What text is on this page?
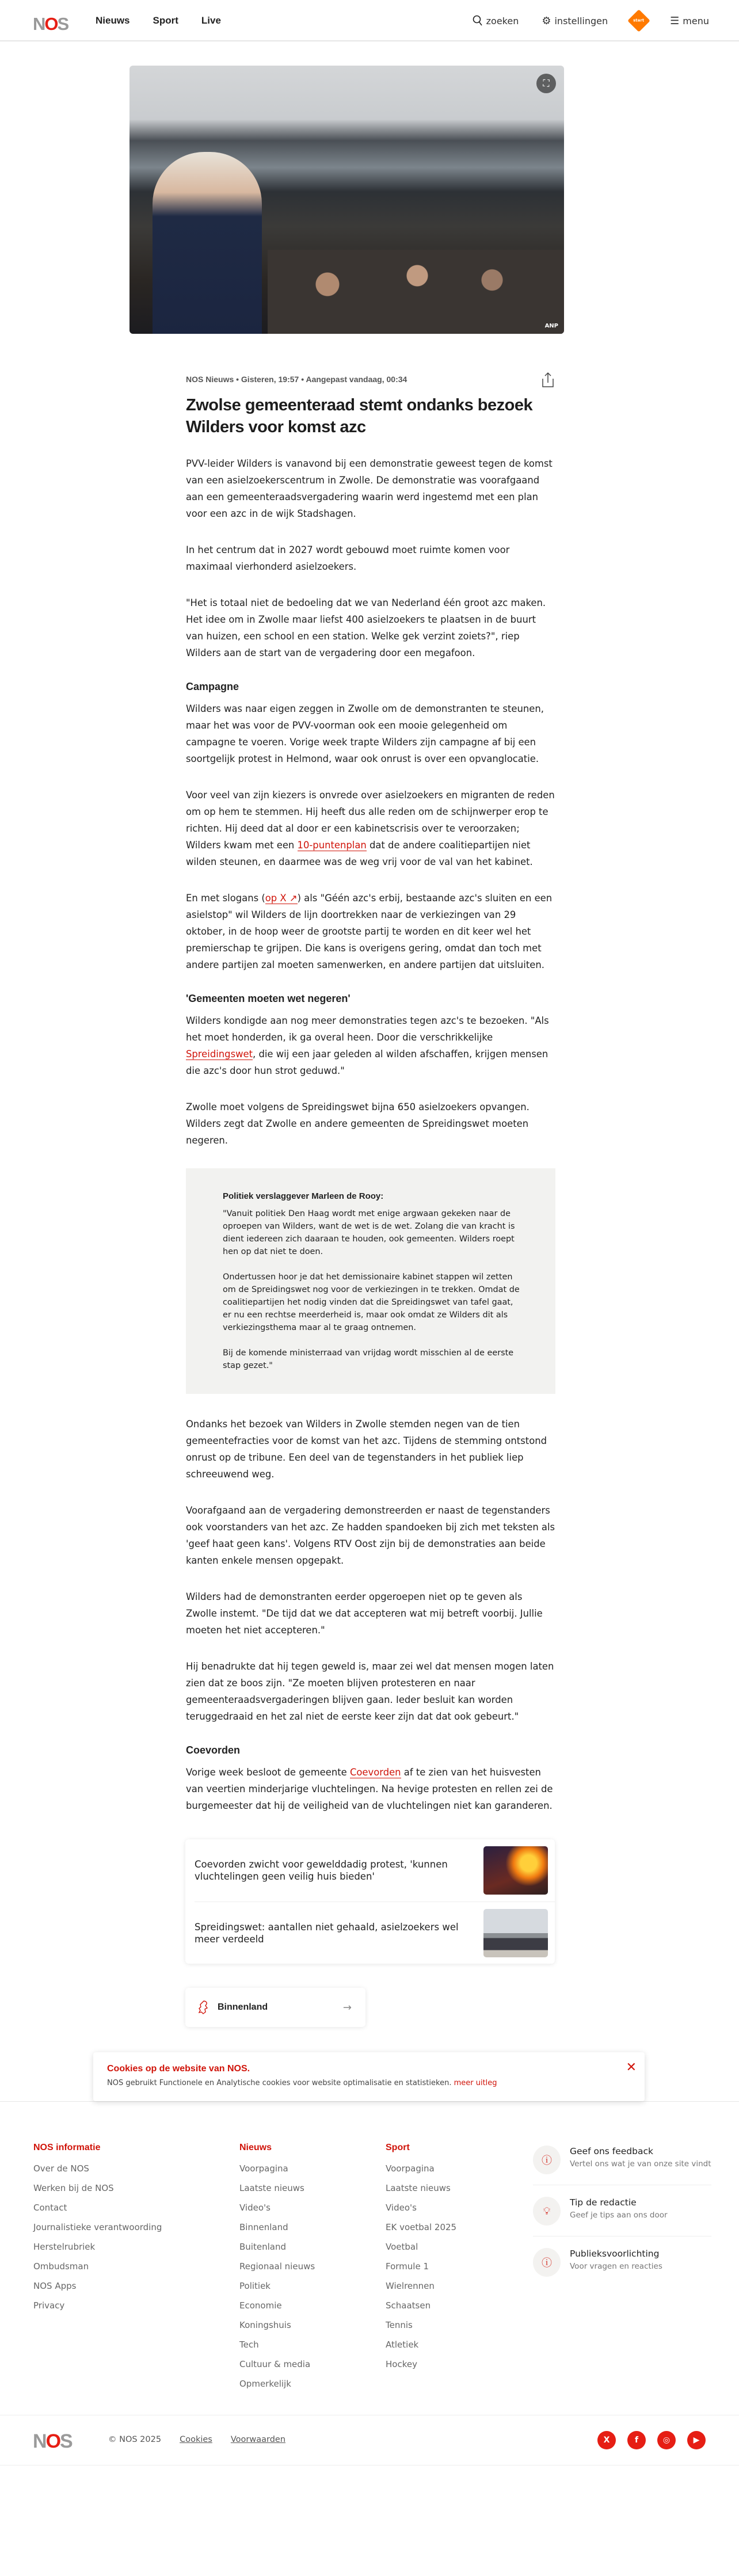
NOS	Nieuws Sport Live	zoeken ⚙ instellingen	start ☰ menu
⛶
ANP
NOS Nieuws • Gisteren, 19:57 • Aangepast vandaag, 00:34
Zwolse gemeenteraad stemt ondanks bezoek Wilders voor komst azc

PVV-leider Wilders is vanavond bij een demonstratie geweest tegen de komst van een asielzoekerscentrum in Zwolle. De demonstratie was voorafgaand aan een gemeenteraadsvergadering waarin werd ingestemd met een plan voor een azc in de wijk Stadshagen.

In het centrum dat in 2027 wordt gebouwd moet ruimte komen voor maximaal vierhonderd asielzoekers.

"Het is totaal niet de bedoeling dat we van Nederland één groot azc maken. Het idee om in Zwolle maar liefst 400 asielzoekers te plaatsen in de buurt van huizen, een school en een station. Welke gek verzint zoiets?", riep Wilders aan de start van de vergadering door een megafoon.

Campagne

Wilders was naar eigen zeggen in Zwolle om de demonstranten te steunen, maar het was voor de PVV-voorman ook een mooie gelegenheid om campagne te voeren. Vorige week trapte Wilders zijn campagne af bij een soortgelijk protest in Helmond, waar ook onrust is over een opvanglocatie.

Voor veel van zijn kiezers is onvrede over asielzoekers en migranten de reden om op hem te stemmen. Hij heeft dus alle reden om de schijnwerper erop te richten. Hij deed dat al door er een kabinetscrisis over te veroorzaken; Wilders kwam met een 10-puntenplan dat de andere coalitiepartijen niet wilden steunen, en daarmee was de weg vrij voor de val van het kabinet.

En met slogans (op X ↗) als "Géén azc's erbij, bestaande azc's sluiten en een asielstop" wil Wilders de lijn doortrekken naar de verkiezingen van 29 oktober, in de hoop weer de grootste partij te worden en dit keer wel het premierschap te grijpen. Die kans is overigens gering, omdat dan toch met andere partijen zal moeten samenwerken, en andere partijen dat uitsluiten.

'Gemeenten moeten wet negeren'

Wilders kondigde aan nog meer demonstraties tegen azc's te bezoeken. "Als het moet honderden, ik ga overal heen. Door die verschrikkelijke Spreidingswet, die wij een jaar geleden al wilden afschaffen, krijgen mensen die azc's door hun strot geduwd."

Zwolle moet volgens de Spreidingswet bijna 650 asielzoekers opvangen. Wilders zegt dat Zwolle en andere gemeenten de Spreidingswet moeten negeren.

Politiek verslaggever Marleen de Rooy:

"Vanuit politiek Den Haag wordt met enige argwaan gekeken naar de oproepen van Wilders, want de wet is de wet. Zolang die van kracht is dient iedereen zich daaraan te houden, ook gemeenten. Wilders roept hen op dat niet te doen.

Ondertussen hoor je dat het demissionaire kabinet stappen wil zetten om de Spreidingswet nog voor de verkiezingen in te trekken. Omdat de coalitiepartijen het nodig vinden dat die Spreidingswet van tafel gaat, er nu een rechtse meerderheid is, maar ook omdat ze Wilders dit als verkiezingsthema maar al te graag ontnemen.

Bij de komende ministerraad van vrijdag wordt misschien al de eerste stap gezet."

Ondanks het bezoek van Wilders in Zwolle stemden negen van de tien gemeentefracties voor de komst van het azc. Tijdens de stemming ontstond onrust op de tribune. Een deel van de tegenstanders in het publiek liep schreeuwend weg.

Voorafgaand aan de vergadering demonstreerden er naast de tegenstanders ook voorstanders van het azc. Ze hadden spandoeken bij zich met teksten als 'geef haat geen kans'. Volgens RTV Oost zijn bij de demonstraties aan beide kanten enkele mensen opgepakt.

Wilders had de demonstranten eerder opgeroepen niet op te geven als Zwolle instemt. "De tijd dat we dat accepteren wat mij betreft voorbij. Jullie moeten het niet accepteren."

Hij benadrukte dat hij tegen geweld is, maar zei wel dat mensen mogen laten zien dat ze boos zijn. "Ze moeten blijven protesteren en naar gemeenteraadsvergaderingen blijven gaan. Ieder besluit kan worden teruggedraaid en het zal niet de eerste keer zijn dat dat ook gebeurt."

Coevorden

Vorige week besloot de gemeente Coevorden af te zien van het huisvesten van veertien minderjarige vluchtelingen. Na hevige protesten en rellen zei de burgemeester dat hij de veiligheid van de vluchtelingen niet kan garanderen.

Coevorden zwicht voor gewelddadig protest, 'kunnen vluchtelingen geen veilig huis bieden'
Spreidingswet: aantallen niet gehaald, asielzoekers wel meer verdeeld
Binnenland	→
Cookies op de website van NOS.

NOS gebruikt Functionele en Analytische cookies voor website optimalisatie en statistieken. meer uitleg

✕
NOS informatie
Over de NOS
Werken bij de NOS
Contact
Journalistieke verantwoording
Herstelrubriek
Ombudsman
NOS Apps
Privacy
Nieuws
Voorpagina
Laatste nieuws
Video's
Binnenland
Buitenland
Regionaal nieuws
Politiek
Economie
Koningshuis
Tech
Cultuur & media
Opmerkelijk
Sport
Voorpagina
Laatste nieuws
Video's
EK voetbal 2025
Voetbal
Formule 1
Wielrennen
Schaatsen
Tennis
Atletiek
Hockey
ⓘ
Geef ons feedback
Vertel ons wat je van onze site vindt
💡︎
Tip de redactie
Geef je tips aan ons door
ⓘ
Publieksvoorlichting
Voor vragen en reacties
NOS	© NOS 2025 Cookies Voorwaarden	X	f	◎	▶
